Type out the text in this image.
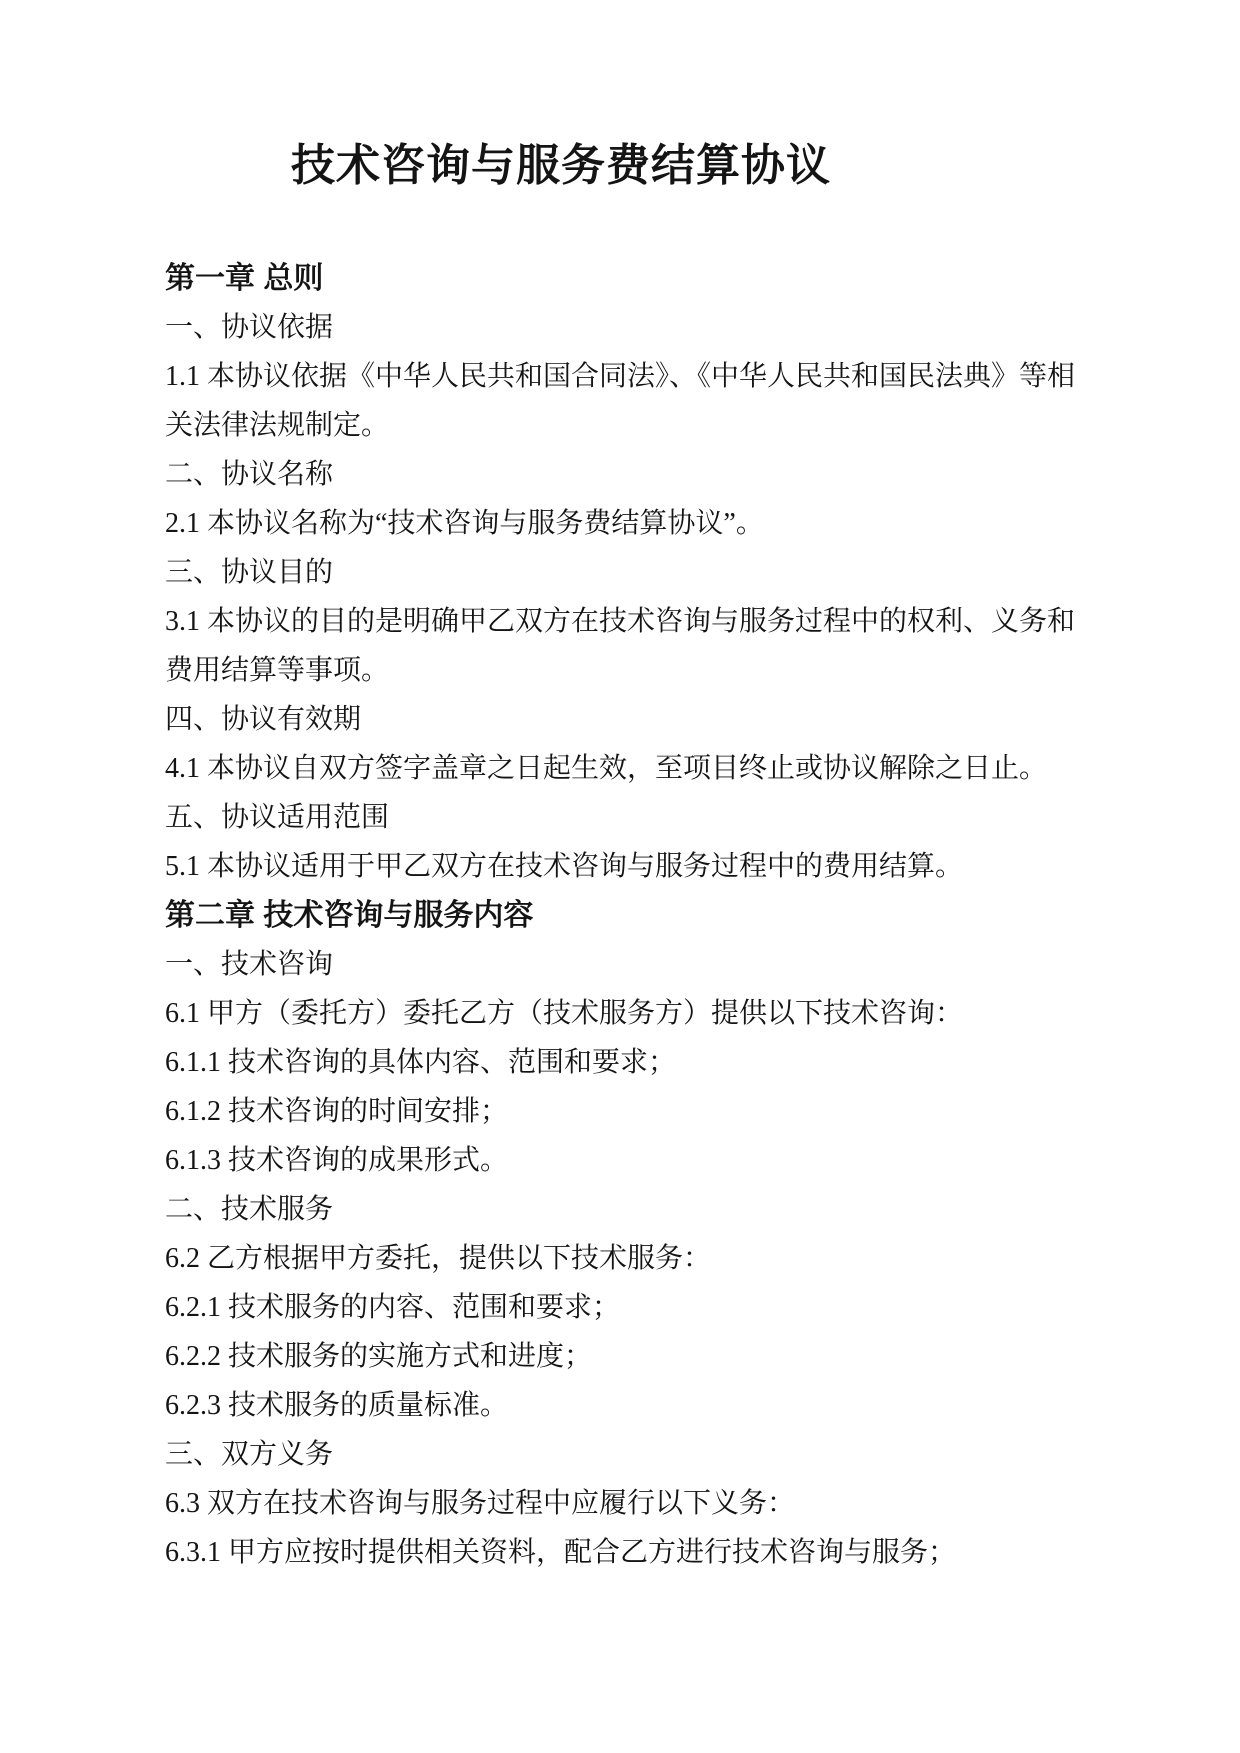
技术咨询与服务费结算协议
第一章 总则

一、协议依据

1.1 本协议依据《中华人民共和国合同法》、《中华人民共和国民法典》等相关法律法规制定。

二、协议名称

2.1 本协议名称为“技术咨询与服务费结算协议”。

三、协议目的

3.1 本协议的目的是明确甲乙双方在技术咨询与服务过程中的权利、义务和费用结算等事项。

四、协议有效期

4.1 本协议自双方签字盖章之日起生效，至项目终止或协议解除之日止。

五、协议适用范围

5.1 本协议适用于甲乙双方在技术咨询与服务过程中的费用结算。

第二章 技术咨询与服务内容

一、技术咨询

6.1 甲方（委托方）委托乙方（技术服务方）提供以下技术咨询：

6.1.1 技术咨询的具体内容、范围和要求；

6.1.2 技术咨询的时间安排；

6.1.3 技术咨询的成果形式。

二、技术服务

6.2 乙方根据甲方委托，提供以下技术服务：

6.2.1 技术服务的内容、范围和要求；

6.2.2 技术服务的实施方式和进度；

6.2.3 技术服务的质量标准。

三、双方义务

6.3 双方在技术咨询与服务过程中应履行以下义务：

6.3.1 甲方应按时提供相关资料，配合乙方进行技术咨询与服务；
